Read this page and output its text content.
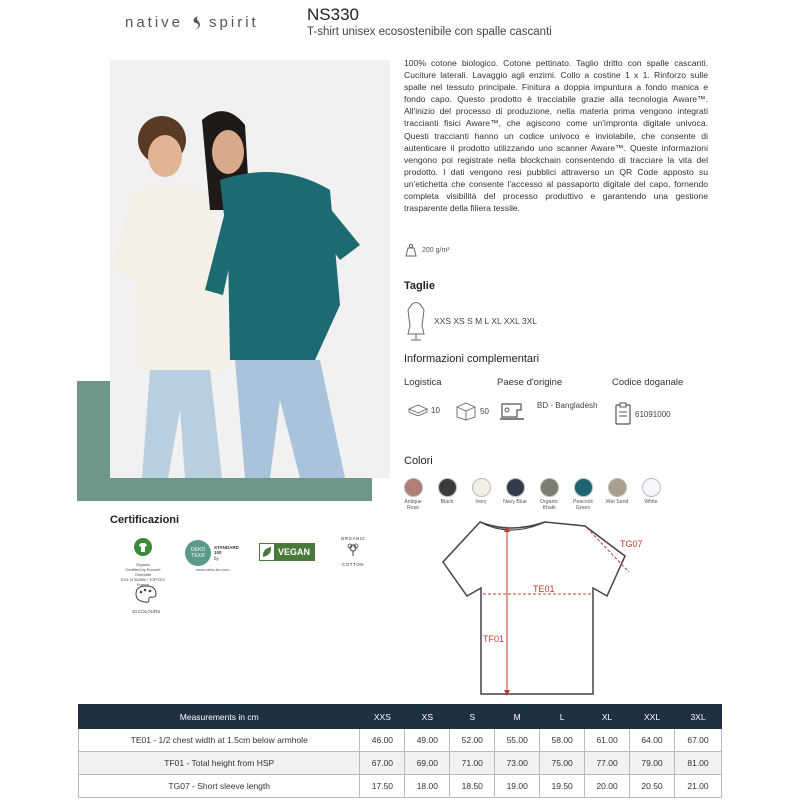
native spirit	NS330
T-shirt unisex ecosostenibile con spalle cascanti
100% cotone biologico. Cotone pettinato. Taglio dritto con spalle cascanti. Cuciture laterali. Lavaggio agli enzimi. Collo a costine 1 x 1. Rinforzo sulle spalle nel tessuto principale. Finitura a doppia impuntura a fondo manica e fondo capo. Questo prodotto è tracciabile grazie alla tecnologia Aware™. All'inizio del processo di produzione, nella materia prima vengono integrati traccianti fisici Aware™, che agiscono come un'impronta digitale univoca. Questi traccianti hanno un codice univoco e inviolabile, che consente di autenticare il prodotto utilizzando uno scanner Aware™. Queste informazioni vengono poi registrate nella blockchain consentendo di tracciare la vita del prodotto. I dati vengono resi pubblici attraverso un QR Code apposto su un'etichetta che consente l'accesso al passaporto digitale del capo, fornendo completa visibilità del processo produttivo e garantendo una gestione trasparente della filiera tessile.
200 g/m²
Taglie
XXS XS S M L XL XXL 3XL
Informazioni complementari
Logistica	Paese d'origine	Codice doganale
10	50
BD - Bangladesh
61091000
Colori
Antique Rose
Black	Ivory	Navy Blue	Organic Khaki
Peacock Green
Wet Sand	White
Certificazioni
Organic
Certified by Ecocert Greenlife
EOL N°61086 / TOPTEX France
OEKO
TEX®
STANDARD
100
by
www.oeko-tex.com
VEGAN
ORGANIC
COTTON
10 COLOURS
TE01
TF01
TG07
Measurements in cm	XXS	XS	S	M	L	XL	XXL	3XL
TE01 - 1/2 chest width at 1.5cm below armhole	46.00	49.00	52.00	55.00	58.00	61.00	64.00	67.00
TF01 - Total height from HSP	67.00	69.00	71.00	73.00	75.00	77.00	79.00	81.00
TG07 - Short sleeve length	17.50	18.00	18.50	19.00	19.50	20.00	20.50	21.00
